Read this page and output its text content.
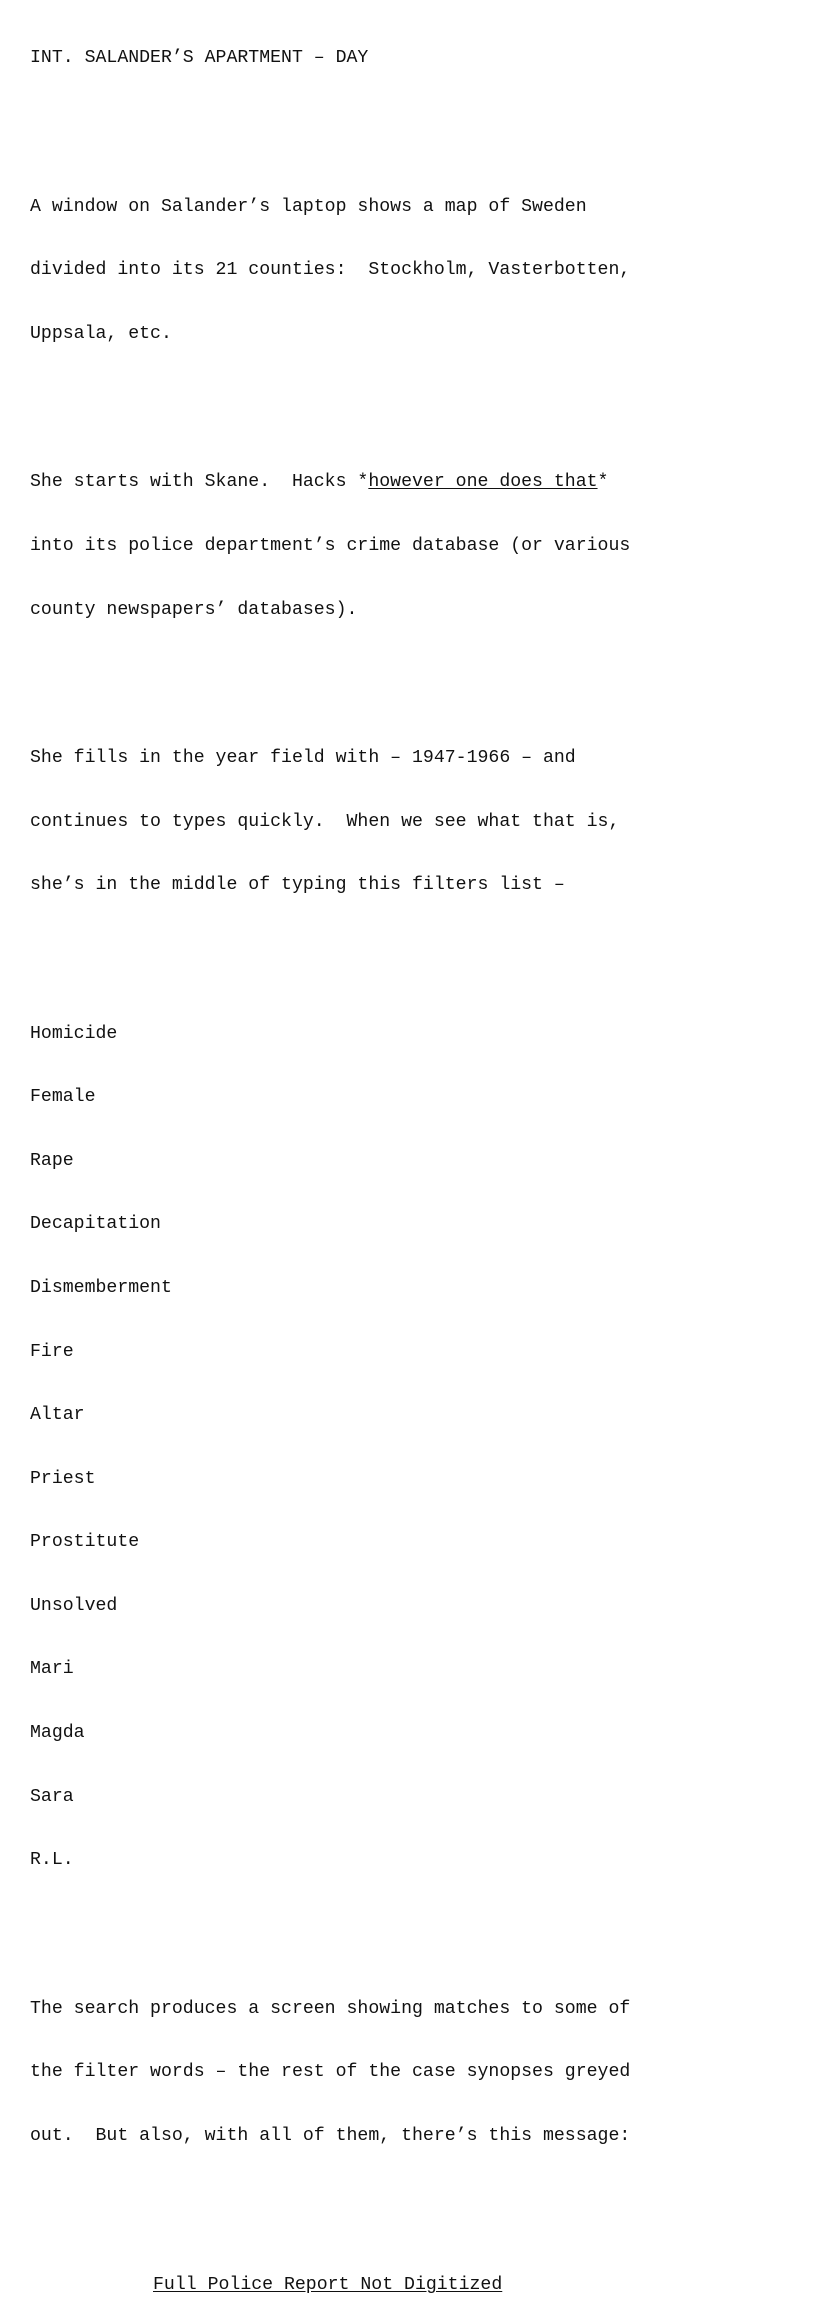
INT. SALANDER’S APARTMENT – DAY

A window on Salander’s laptop shows a map of Sweden

divided into its 21 counties:  Stockholm, Vasterbotten,

Uppsala, etc.

She starts with Skane.  Hacks *however one does that*

into its police department’s crime database (or various

county newspapers’ databases).

She fills in the year field with – 1947-1966 – and

continues to types quickly.  When we see what that is,

she’s in the middle of typing this filters list –

Homicide

Female

Rape

Decapitation

Dismemberment

Fire

Altar

Priest

Prostitute

Unsolved

Mari

Magda

Sara

R.L.

The search produces a screen showing matches to some of

the filter words – the rest of the case synopses greyed

out.  But also, with all of them, there’s this message:

Full Police Report Not Digitized
